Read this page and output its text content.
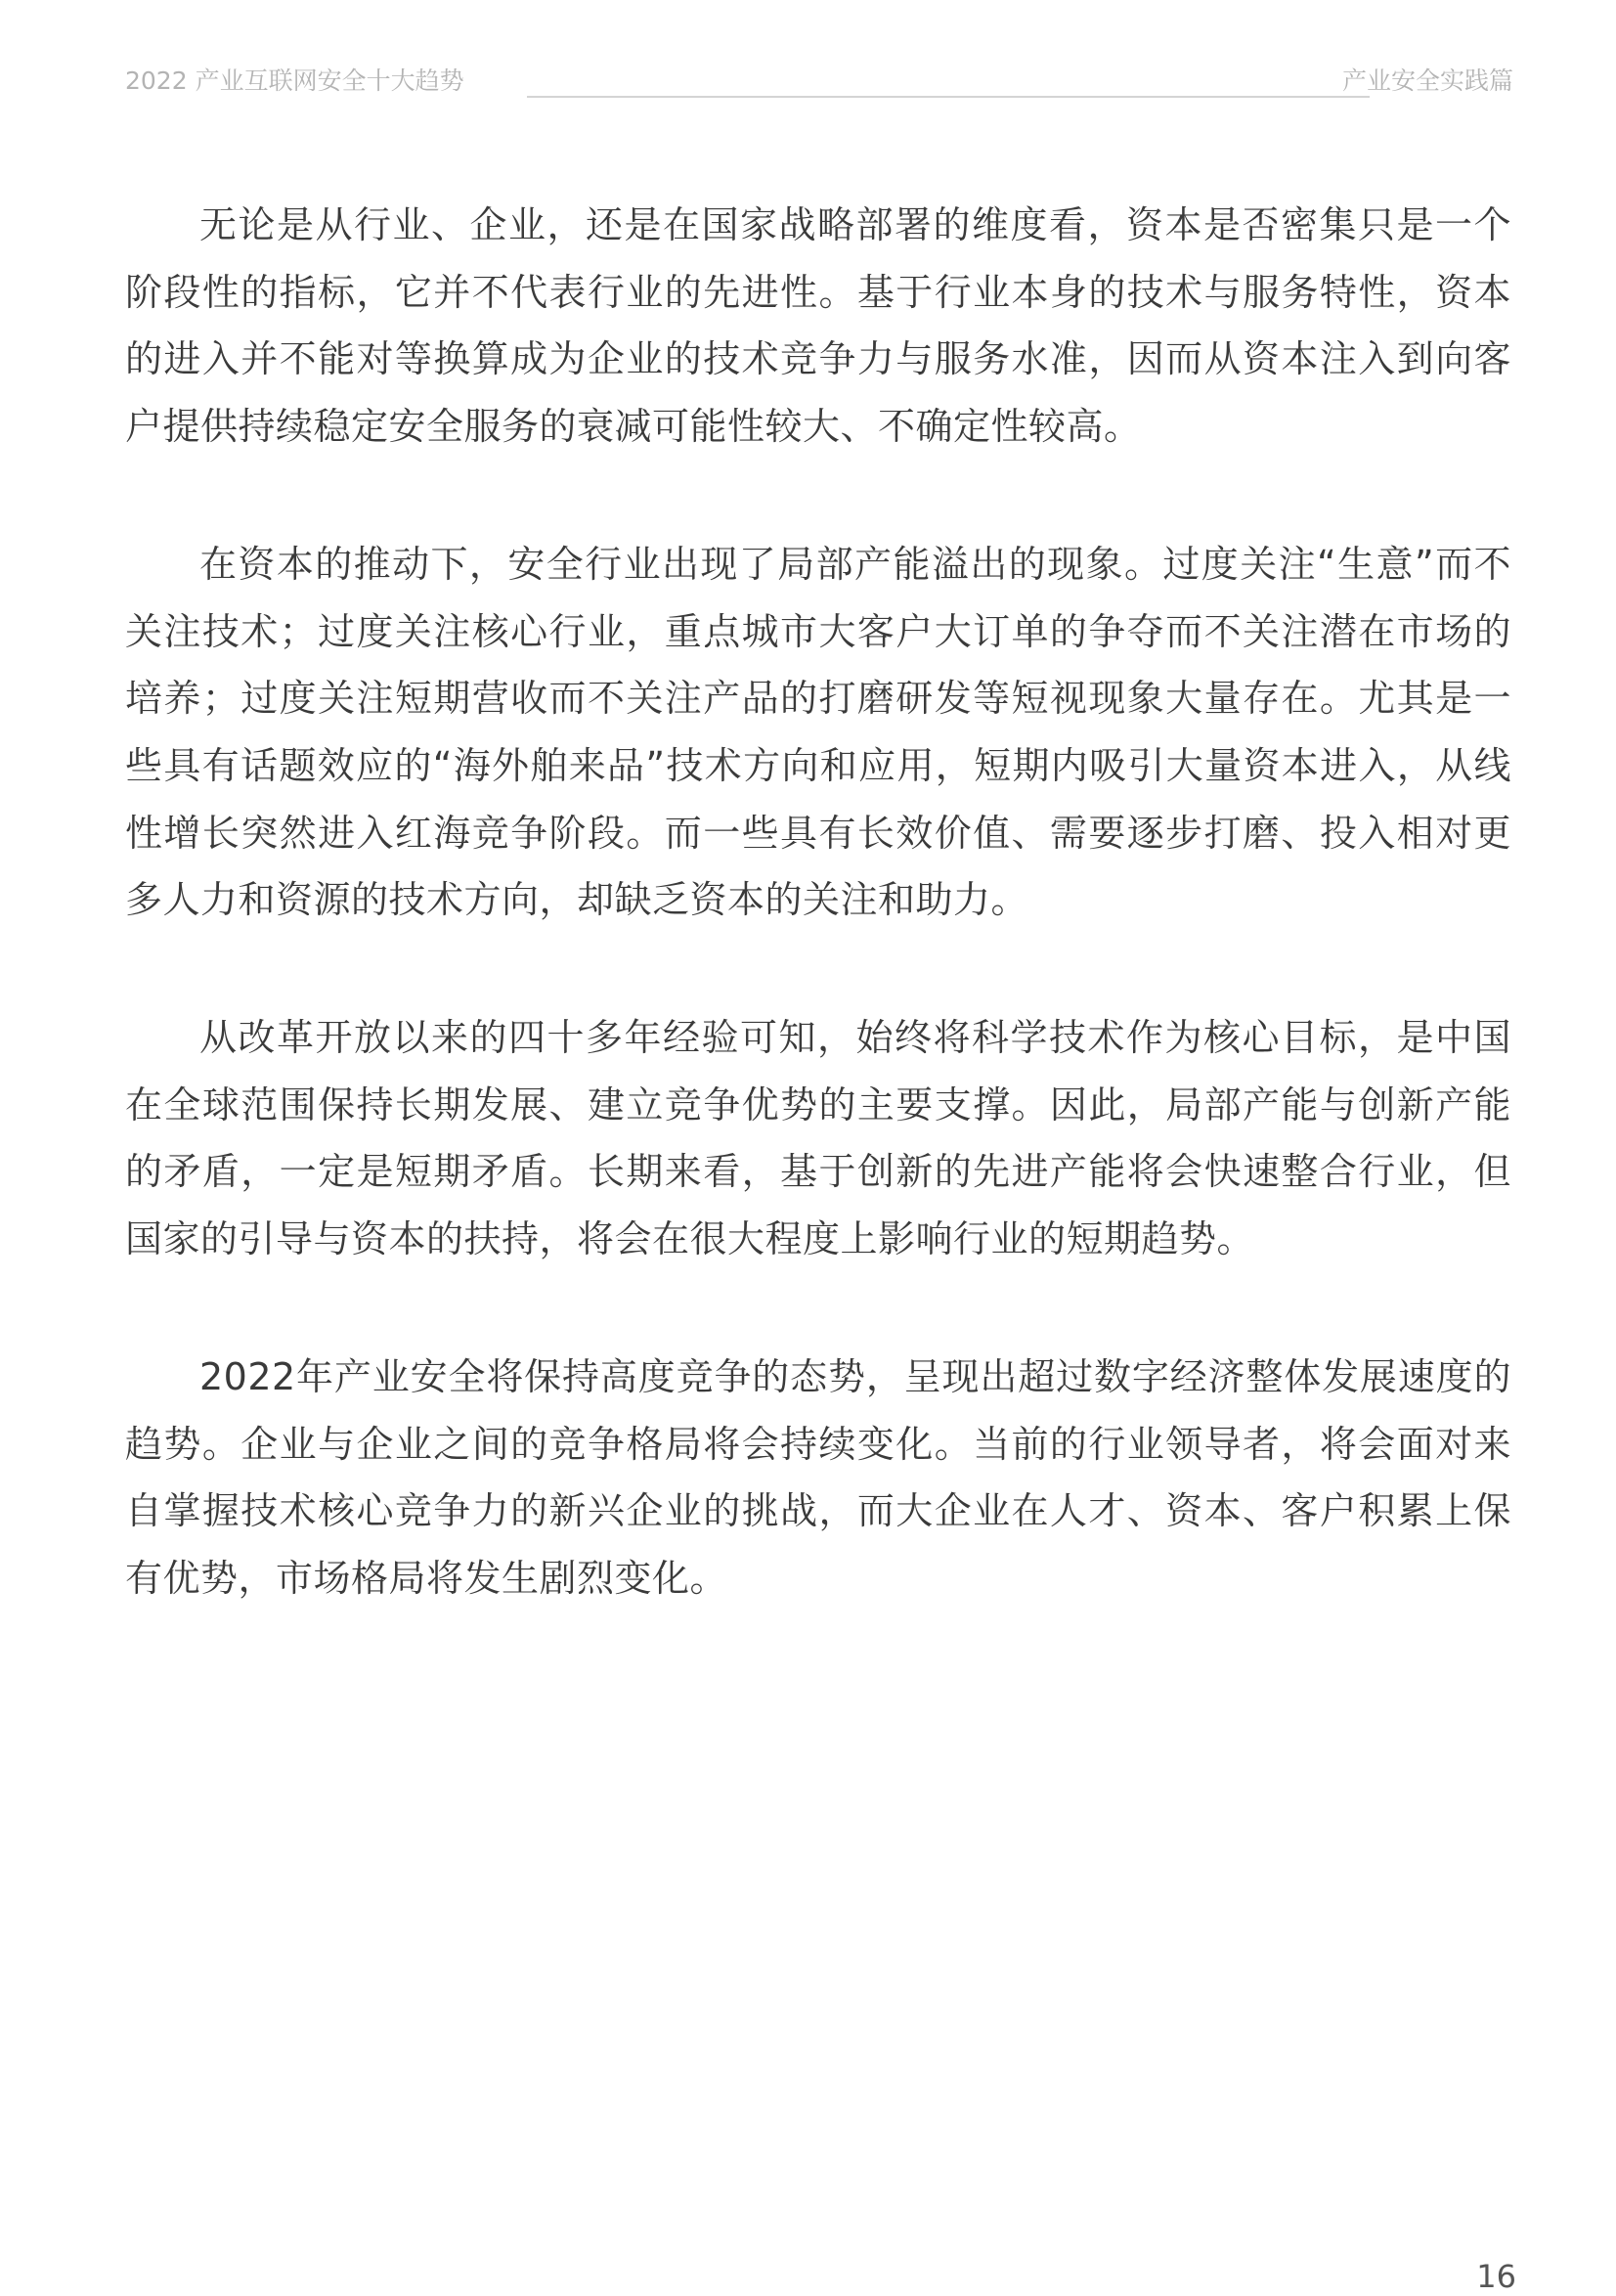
2022 产业互联网安全十大趋势	产业安全实践篇

无论是从行业、企业，还是在国家战略部署的维度看，资本是否密集只是一个阶段性的指标，它并不代表行业的先进性。基于行业本身的技术与服务特性，资本的进入并不能对等换算成为企业的技术竞争力与服务水准，因而从资本注入到向客户提供持续稳定安全服务的衰减可能性较大、不确定性较高。

在资本的推动下，安全行业出现了局部产能溢出的现象。过度关注“生意”而不关注技术；过度关注核心行业，重点城市大客户大订单的争夺而不关注潜在市场的培养；过度关注短期营收而不关注产品的打磨研发等短视现象大量存在。尤其是一些具有话题效应的“海外舶来品”技术方向和应用，短期内吸引大量资本进入，从线性增长突然进入红海竞争阶段。而一些具有长效价值、需要逐步打磨、投入相对更多人力和资源的技术方向，却缺乏资本的关注和助力。

从改革开放以来的四十多年经验可知，始终将科学技术作为核心目标，是中国在全球范围保持长期发展、建立竞争优势的主要支撑。因此，局部产能与创新产能的矛盾，一定是短期矛盾。长期来看，基于创新的先进产能将会快速整合行业，但国家的引导与资本的扶持，将会在很大程度上影响行业的短期趋势。

2022年产业安全将保持高度竞争的态势，呈现出超过数字经济整体发展速度的趋势。企业与企业之间的竞争格局将会持续变化。当前的行业领导者，将会面对来自掌握技术核心竞争力的新兴企业的挑战，而大企业在人才、资本、客户积累上保有优势，市场格局将发生剧烈变化。

16
